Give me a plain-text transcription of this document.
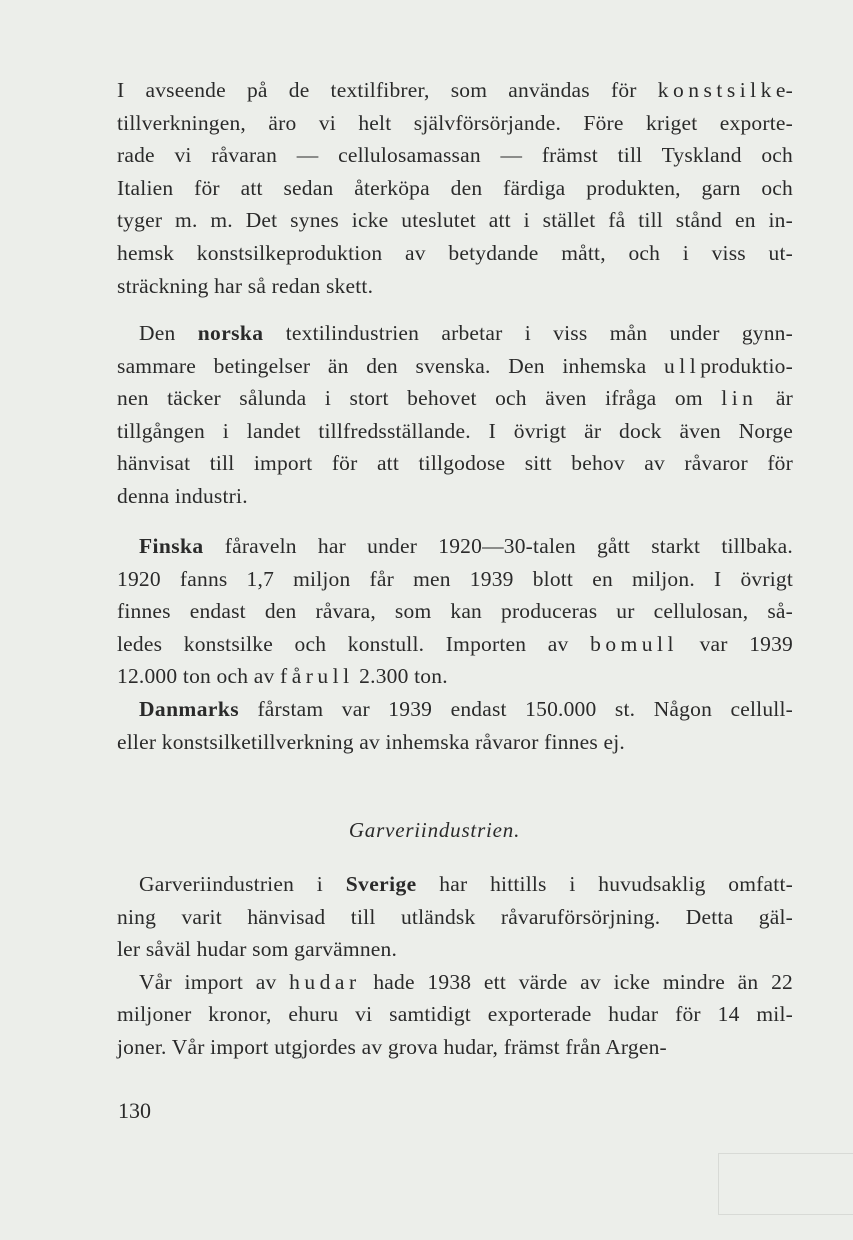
I avseende på de textilfibrer, som användas för konstsilke-
tillverkningen, äro vi helt självförsörjande. Före kriget exporte-
rade vi råvaran — cellulosamassan — främst till Tyskland och
Italien för att sedan återköpa den färdiga produkten, garn och
tyger m. m. Det synes icke uteslutet att i stället få till stånd en in-
hemsk konstsilkeproduktion av betydande mått, och i viss ut-
sträckning har så redan skett.
Den norska textilindustrien arbetar i viss mån under gynn-
sammare betingelser än den svenska. Den inhemska ullproduktio-
nen täcker sålunda i stort behovet och även ifråga om lin är
tillgången i landet tillfredsställande. I övrigt är dock även Norge
hänvisat till import för att tillgodose sitt behov av råvaror för
denna industri.
Finska fåraveln har under 1920—30-talen gått starkt tillbaka.
1920 fanns 1,7 miljon får men 1939 blott en miljon. I övrigt
finnes endast den råvara, som kan produceras ur cellulosan, så-
ledes konstsilke och konstull. Importen av bomull var 1939
12.000 ton och av fårull 2.300 ton.
Danmarks fårstam var 1939 endast 150.000 st. Någon cellull-
eller konstsilketillverkning av inhemska råvaror finnes ej.
Garveriindustrien.
Garveriindustrien i Sverige har hittills i huvudsaklig omfatt-
ning varit hänvisad till utländsk råvaruförsörjning. Detta gäl-
ler såväl hudar som garvämnen.
Vår import av hudar hade 1938 ett värde av icke mindre än 22
miljoner kronor, ehuru vi samtidigt exporterade hudar för 14 mil-
joner. Vår import utgjordes av grova hudar, främst från Argen-
130
